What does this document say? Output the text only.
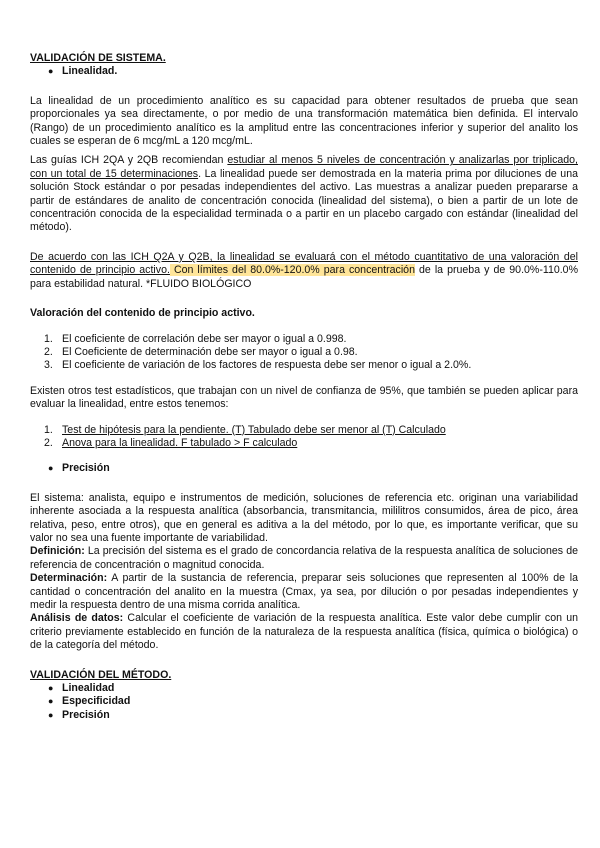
VALIDACIÓN DE SISTEMA.
● Linealidad.

La linealidad de un procedimiento analítico es su capacidad para obtener resultados de prueba que sean proporcionales ya sea directamente, o por medio de una transformación matemática bien definida. El intervalo (Rango) de un procedimiento analítico es la amplitud entre las concentraciones inferior y superior del analito los cuales se esperan de 6 mcg/mL a 120 mcg/mL.

Las guías ICH 2QA y 2QB recomiendan estudiar al menos 5 niveles de concentración y analizarlas por triplicado, con un total de 15 determinaciones. La linealidad puede ser demostrada en la materia prima por diluciones de una solución Stock estándar o por pesadas independientes del activo. Las muestras a analizar pueden prepararse a partir de estándares de analito de concentración conocida (linealidad del sistema), o bien a partir de un lote de concentración conocida de la especialidad terminada o a partir en un placebo cargado con estándar (linealidad del método).

De acuerdo con las ICH Q2A y Q2B, la linealidad se evaluará con el método cuantitativo de una valoración del contenido de principio activo. Con límites del 80.0%-120.0% para concentración de la prueba y de 90.0%-110.0% para estabilidad natural. *FLUIDO BIOLÓGICO

Valoración del contenido de principio activo.

1. El coeficiente de correlación debe ser mayor o igual a 0.998.
2. El Coeficiente de determinación debe ser mayor o igual a 0.98.
3. El coeficiente de variación de los factores de respuesta debe ser menor o igual a 2.0%.

Existen otros test estadísticos, que trabajan con un nivel de confianza de 95%, que también se pueden aplicar para evaluar la linealidad, entre estos tenemos:

1. Test de hipótesis para la pendiente. (T) Tabulado debe ser menor al (T) Calculado
2. Anova para la linealidad. F tabulado > F calculado
● Precisión

El sistema: analista, equipo e instrumentos de medición, soluciones de referencia etc. originan una variabilidad inherente asociada a la respuesta analítica (absorbancia, transmitancia, mililitros consumidos, área de pico, área relativa, peso, entre otros), que en general es aditiva a la del método, por lo que, es importante verificar, que su valor no sea una fuente importante de variabilidad.

Definición: La precisión del sistema es el grado de concordancia relativa de la respuesta analítica de soluciones de referencia de concentración o magnitud conocida.

Determinación: A partir de la sustancia de referencia, preparar seis soluciones que representen al 100% de la cantidad o concentración del analito en la muestra (Cmax, ya sea, por dilución o por pesadas independientes y medir la respuesta dentro de una misma corrida analítica.

Análisis de datos: Calcular el coeficiente de variación de la respuesta analítica. Este valor debe cumplir con un criterio previamente establecido en función de la naturaleza de la respuesta analítica (física, química o biológica) o de la categoría del método.

VALIDACIÓN DEL MÉTODO.
● Linealidad
● Especificidad
● Precisión
